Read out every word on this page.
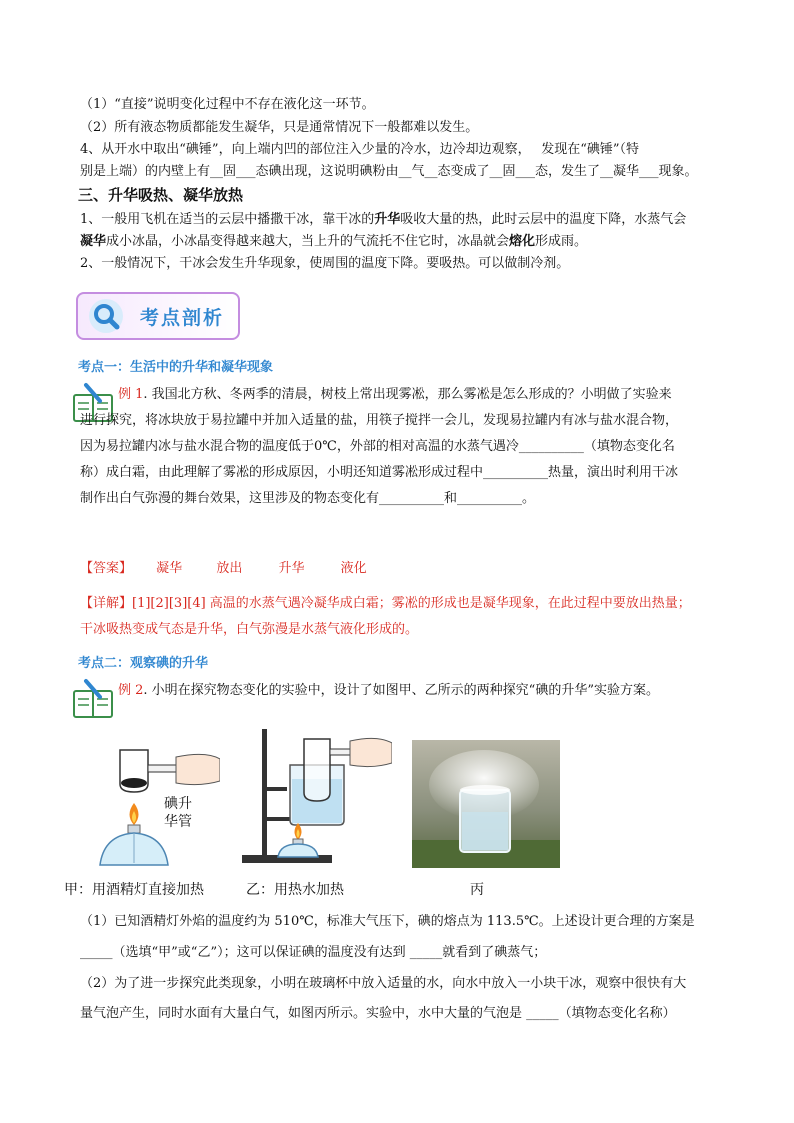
（1）“直接”说明变化过程中不存在液化这一环节。
（2）所有液态物质都能发生凝华，只是通常情况下一般都难以发生。
4、从开水中取出“碘锤”，向上端内凹的部位注入少量的冷水，边冷却边观察，　 发现在“碘锤”（特
别是上端）的内壁上有__固___态碘出现，这说明碘粉由__气__态变成了__固___态，发生了__凝华___现象。
三、升华吸热、凝华放热
1、一般用飞机在适当的云层中播撒干冰，靠干冰的升华吸收大量的热，此时云层中的温度下降，水蒸气会
凝华成小冰晶，小冰晶变得越来越大，当上升的气流托不住它时，冰晶就会熔化形成雨。
2、一般情况下，干冰会发生升华现象，使周围的温度下降。要吸热。可以做制冷剂。
考点剖析
考点一：生活中的升华和凝华现象
例 1. 我国北方秋、冬两季的清晨，树枝上常出现雾凇，那么雾凇是怎么形成的？小明做了实验来
进行探究，将冰块放于易拉罐中并加入适量的盐，用筷子搅拌一会儿，发现易拉罐内有冰与盐水混合物，
因为易拉罐内冰与盐水混合物的温度低于0℃，外部的相对高温的水蒸气遇冷__________（填物态变化名
称）成白霜，由此理解了雾凇的形成原因，小明还知道雾凇形成过程中__________热量，演出时利用干冰
制作出白气弥漫的舞台效果，这里涉及的物态变化有__________和__________。
【答案】 凝华	放出	升华	液化
【详解】[1][2][3][4] 高温的水蒸气遇冷凝华成白霜；雾凇的形成也是凝华现象，在此过程中要放出热量；
干冰吸热变成气态是升华，白气弥漫是水蒸气液化形成的。
考点二：观察碘的升华
例 2. 小明在探究物态变化的实验中，设计了如图甲、乙所示的两种探究“碘的升华”实验方案。
碘升
华管
甲：用酒精灯直接加热	乙：用热水加热	丙
（1）已知酒精灯外焰的温度约为 510℃，标准大气压下，碘的熔点为 113.5℃。上述设计更合理的方案是
_____（选填“甲”或“乙”）；这可以保证碘的温度没有达到 _____就看到了碘蒸气；
（2）为了进一步探究此类现象，小明在玻璃杯中放入适量的水，向水中放入一小块干冰，观察中很快有大
量气泡产生，同时水面有大量白气，如图丙所示。实验中，水中大量的气泡是 _____（填物态变化名称）
